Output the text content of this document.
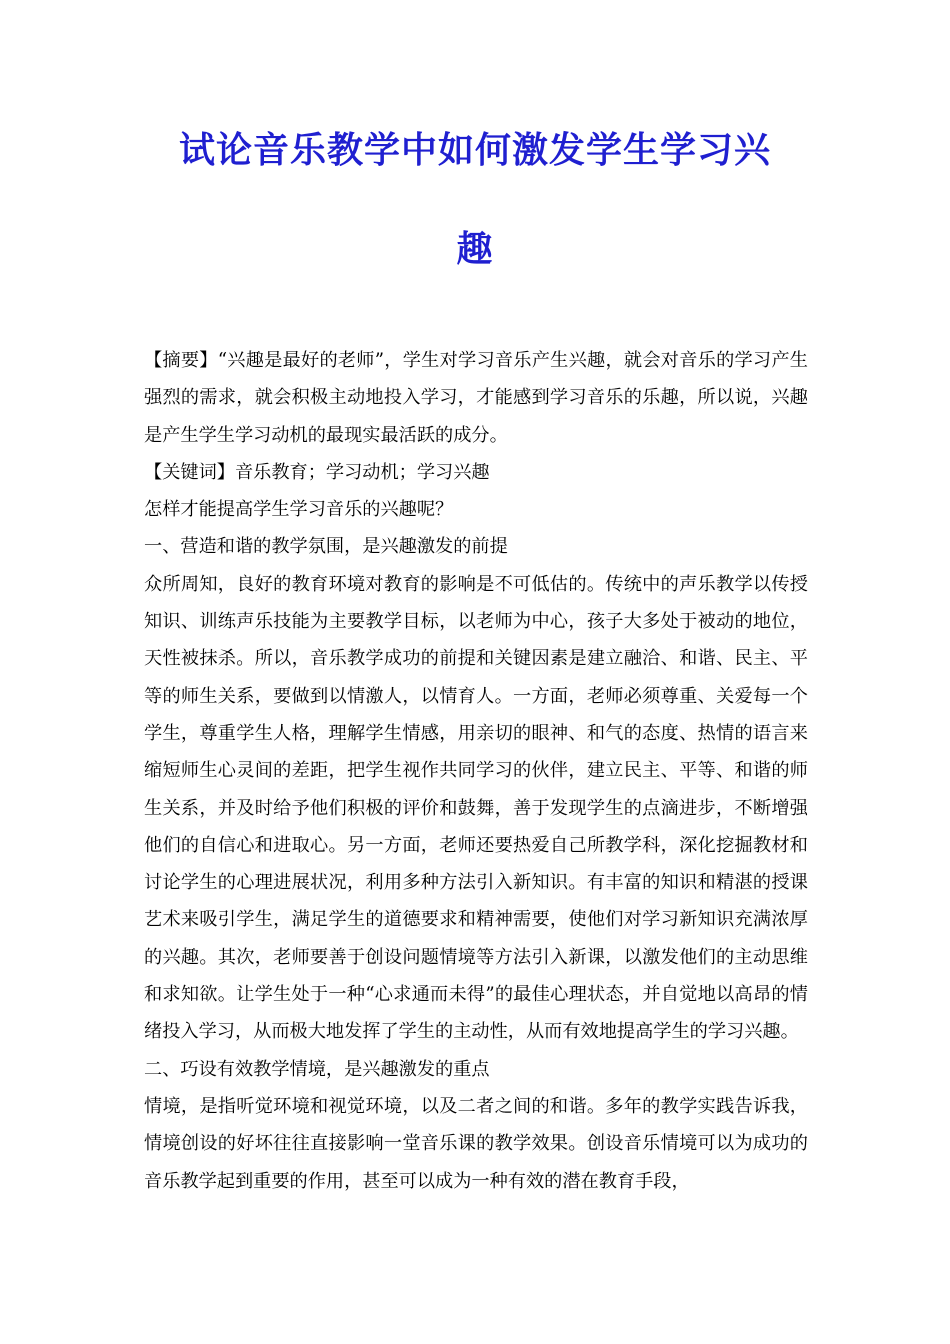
试论音乐教学中如何激发学生学习兴
趣

【摘要】“兴趣是最好的老师”，学生对学习音乐产生兴趣，就会对音乐的学习产生强烈的需求，就会积极主动地投入学习，才能感到学习音乐的乐趣，所以说，兴趣是产生学生学习动机的最现实最活跃的成分。

【关键词】音乐教育；学习动机；学习兴趣

怎样才能提高学生学习音乐的兴趣呢？

一、营造和谐的教学氛围，是兴趣激发的前提

众所周知，良好的教育环境对教育的影响是不可低估的。传统中的声乐教学以传授知识、训练声乐技能为主要教学目标，以老师为中心，孩子大多处于被动的地位，天性被抹杀。所以，音乐教学成功的前提和关键因素是建立融洽、和谐、民主、平等的师生关系，要做到以情激人，以情育人。一方面，老师必须尊重、关爱每一个学生，尊重学生人格，理解学生情感，用亲切的眼神、和气的态度、热情的语言来缩短师生心灵间的差距，把学生视作共同学习的伙伴，建立民主、平等、和谐的师生关系，并及时给予他们积极的评价和鼓舞，善于发现学生的点滴进步，不断增强他们的自信心和进取心。另一方面，老师还要热爱自己所教学科，深化挖掘教材和讨论学生的心理进展状况，利用多种方法引入新知识。有丰富的知识和精湛的授课艺术来吸引学生，满足学生的道德要求和精神需要，使他们对学习新知识充满浓厚的兴趣。其次，老师要善于创设问题情境等方法引入新课，以激发他们的主动思维和求知欲。让学生处于一种“心求通而未得”的最佳心理状态，并自觉地以高昂的情绪投入学习，从而极大地发挥了学生的主动性，从而有效地提高学生的学习兴趣。

二、巧设有效教学情境，是兴趣激发的重点

情境，是指听觉环境和视觉环境，以及二者之间的和谐。多年的教学实践告诉我，情境创设的好坏往往直接影响一堂音乐课的教学效果。创设音乐情境可以为成功的音乐教学起到重要的作用，甚至可以成为一种有效的潜在教育手段，
